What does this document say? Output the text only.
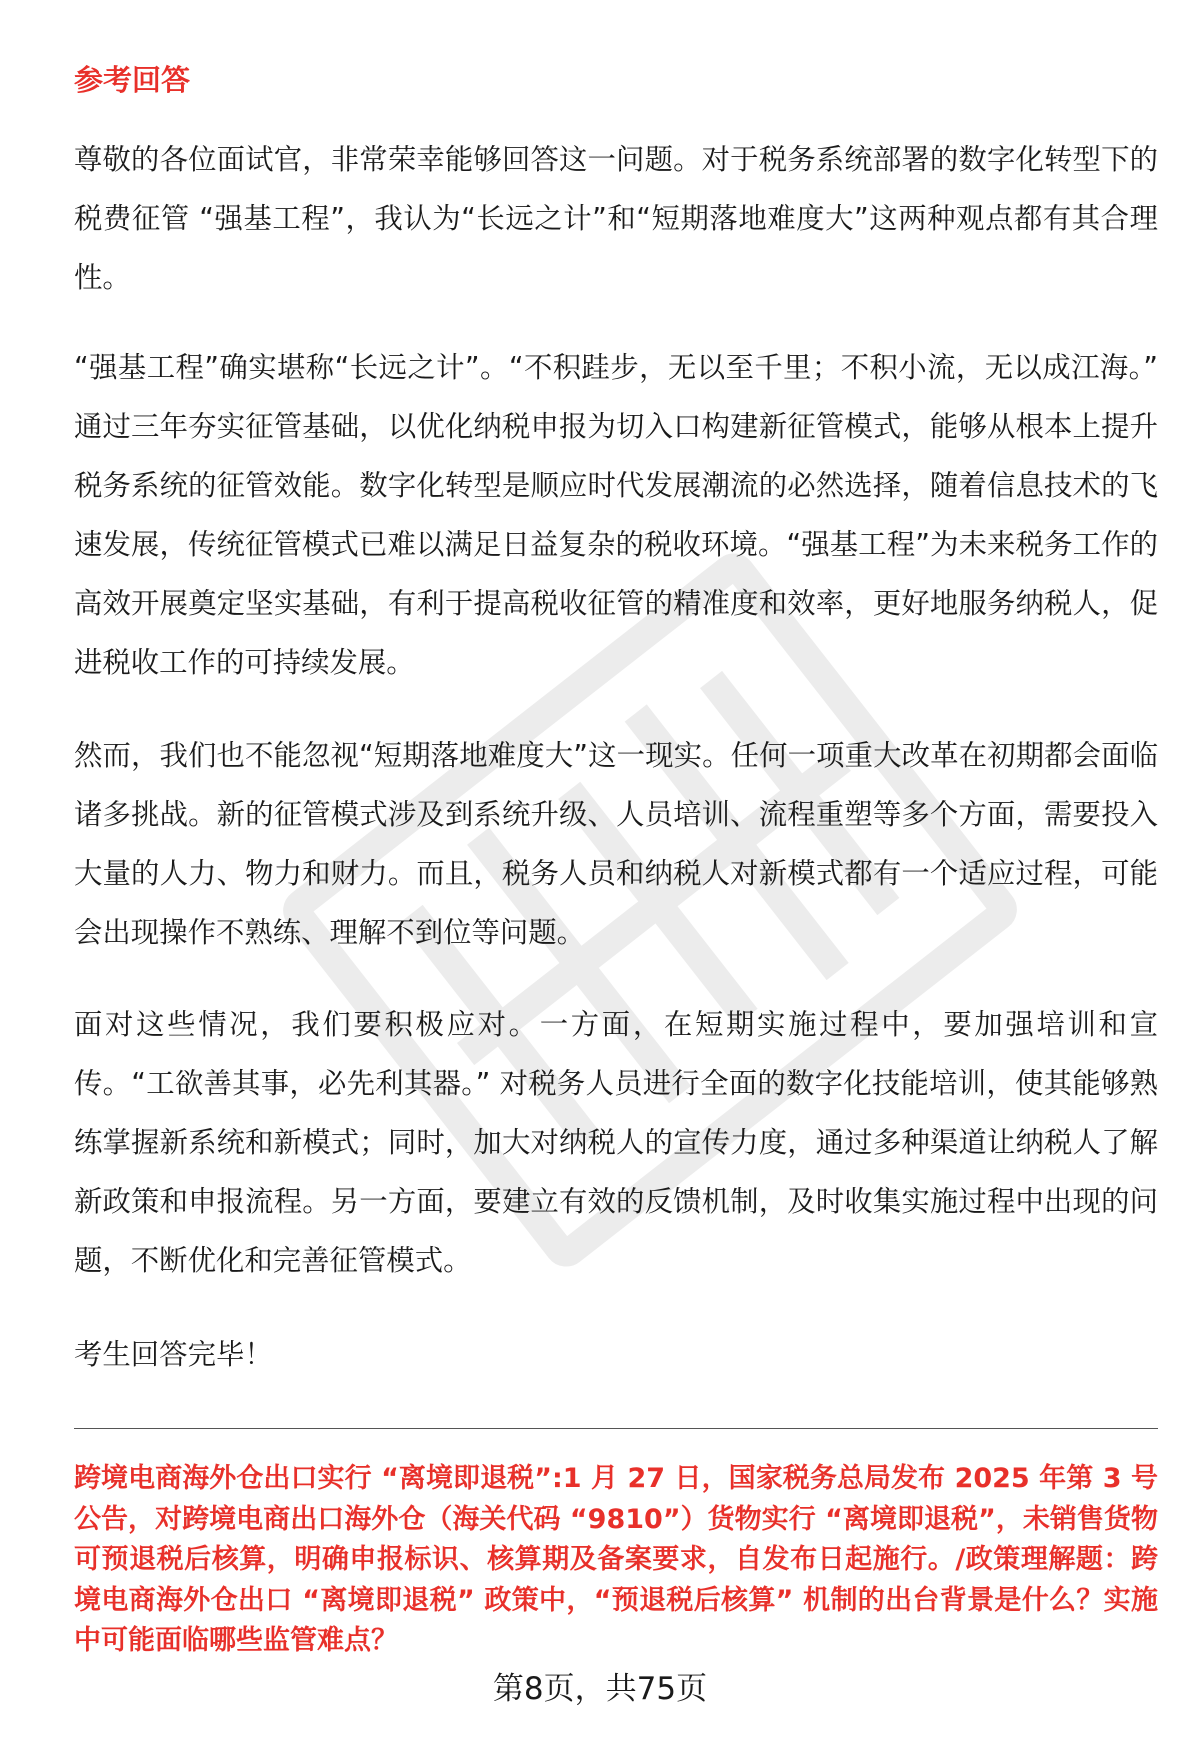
参考回答

尊敬的各位面试官，非常荣幸能够回答这一问题。对于税务系统部署的数字化转型下的税费征管 “强基工程”，我认为“长远之计”和“短期落地难度大”这两种观点都有其合理性。

“强基工程”确实堪称“长远之计”。“不积跬步，无以至千里；不积小流，无以成江海。” 通过三年夯实征管基础，以优化纳税申报为切入口构建新征管模式，能够从根本上提升税务系统的征管效能。数字化转型是顺应时代发展潮流的必然选择，随着信息技术的飞速发展，传统征管模式已难以满足日益复杂的税收环境。“强基工程”为未来税务工作的高效开展奠定坚实基础，有利于提高税收征管的精准度和效率，更好地服务纳税人，促进税收工作的可持续发展。

然而，我们也不能忽视“短期落地难度大”这一现实。任何一项重大改革在初期都会面临诸多挑战。新的征管模式涉及到系统升级、人员培训、流程重塑等多个方面，需要投入大量的人力、物力和财力。而且，税务人员和纳税人对新模式都有一个适应过程，可能会出现操作不熟练、理解不到位等问题。

面对这些情况，我们要积极应对。一方面，在短期实施过程中，要加强培训和宣传。“工欲善其事，必先利其器。” 对税务人员进行全面的数字化技能培训，使其能够熟练掌握新系统和新模式；同时，加大对纳税人的宣传力度，通过多种渠道让纳税人了解新政策和申报流程。另一方面，要建立有效的反馈机制，及时收集实施过程中出现的问题，不断优化和完善征管模式。

考生回答完毕！

跨境电商海外仓出口实行 “离境即退税”:1 月 27 日，国家税务总局发布 2025 年第 3 号公告，对跨境电商出口海外仓（海关代码 “9810”）货物实行 “离境即退税”，未销售货物可预退税后核算，明确申报标识、核算期及备案要求，自发布日起施行。/政策理解题：跨境电商海外仓出口 “离境即退税” 政策中，“预退税后核算” 机制的出台背景是什么？实施中可能面临哪些监管难点？

第8页，共75页
